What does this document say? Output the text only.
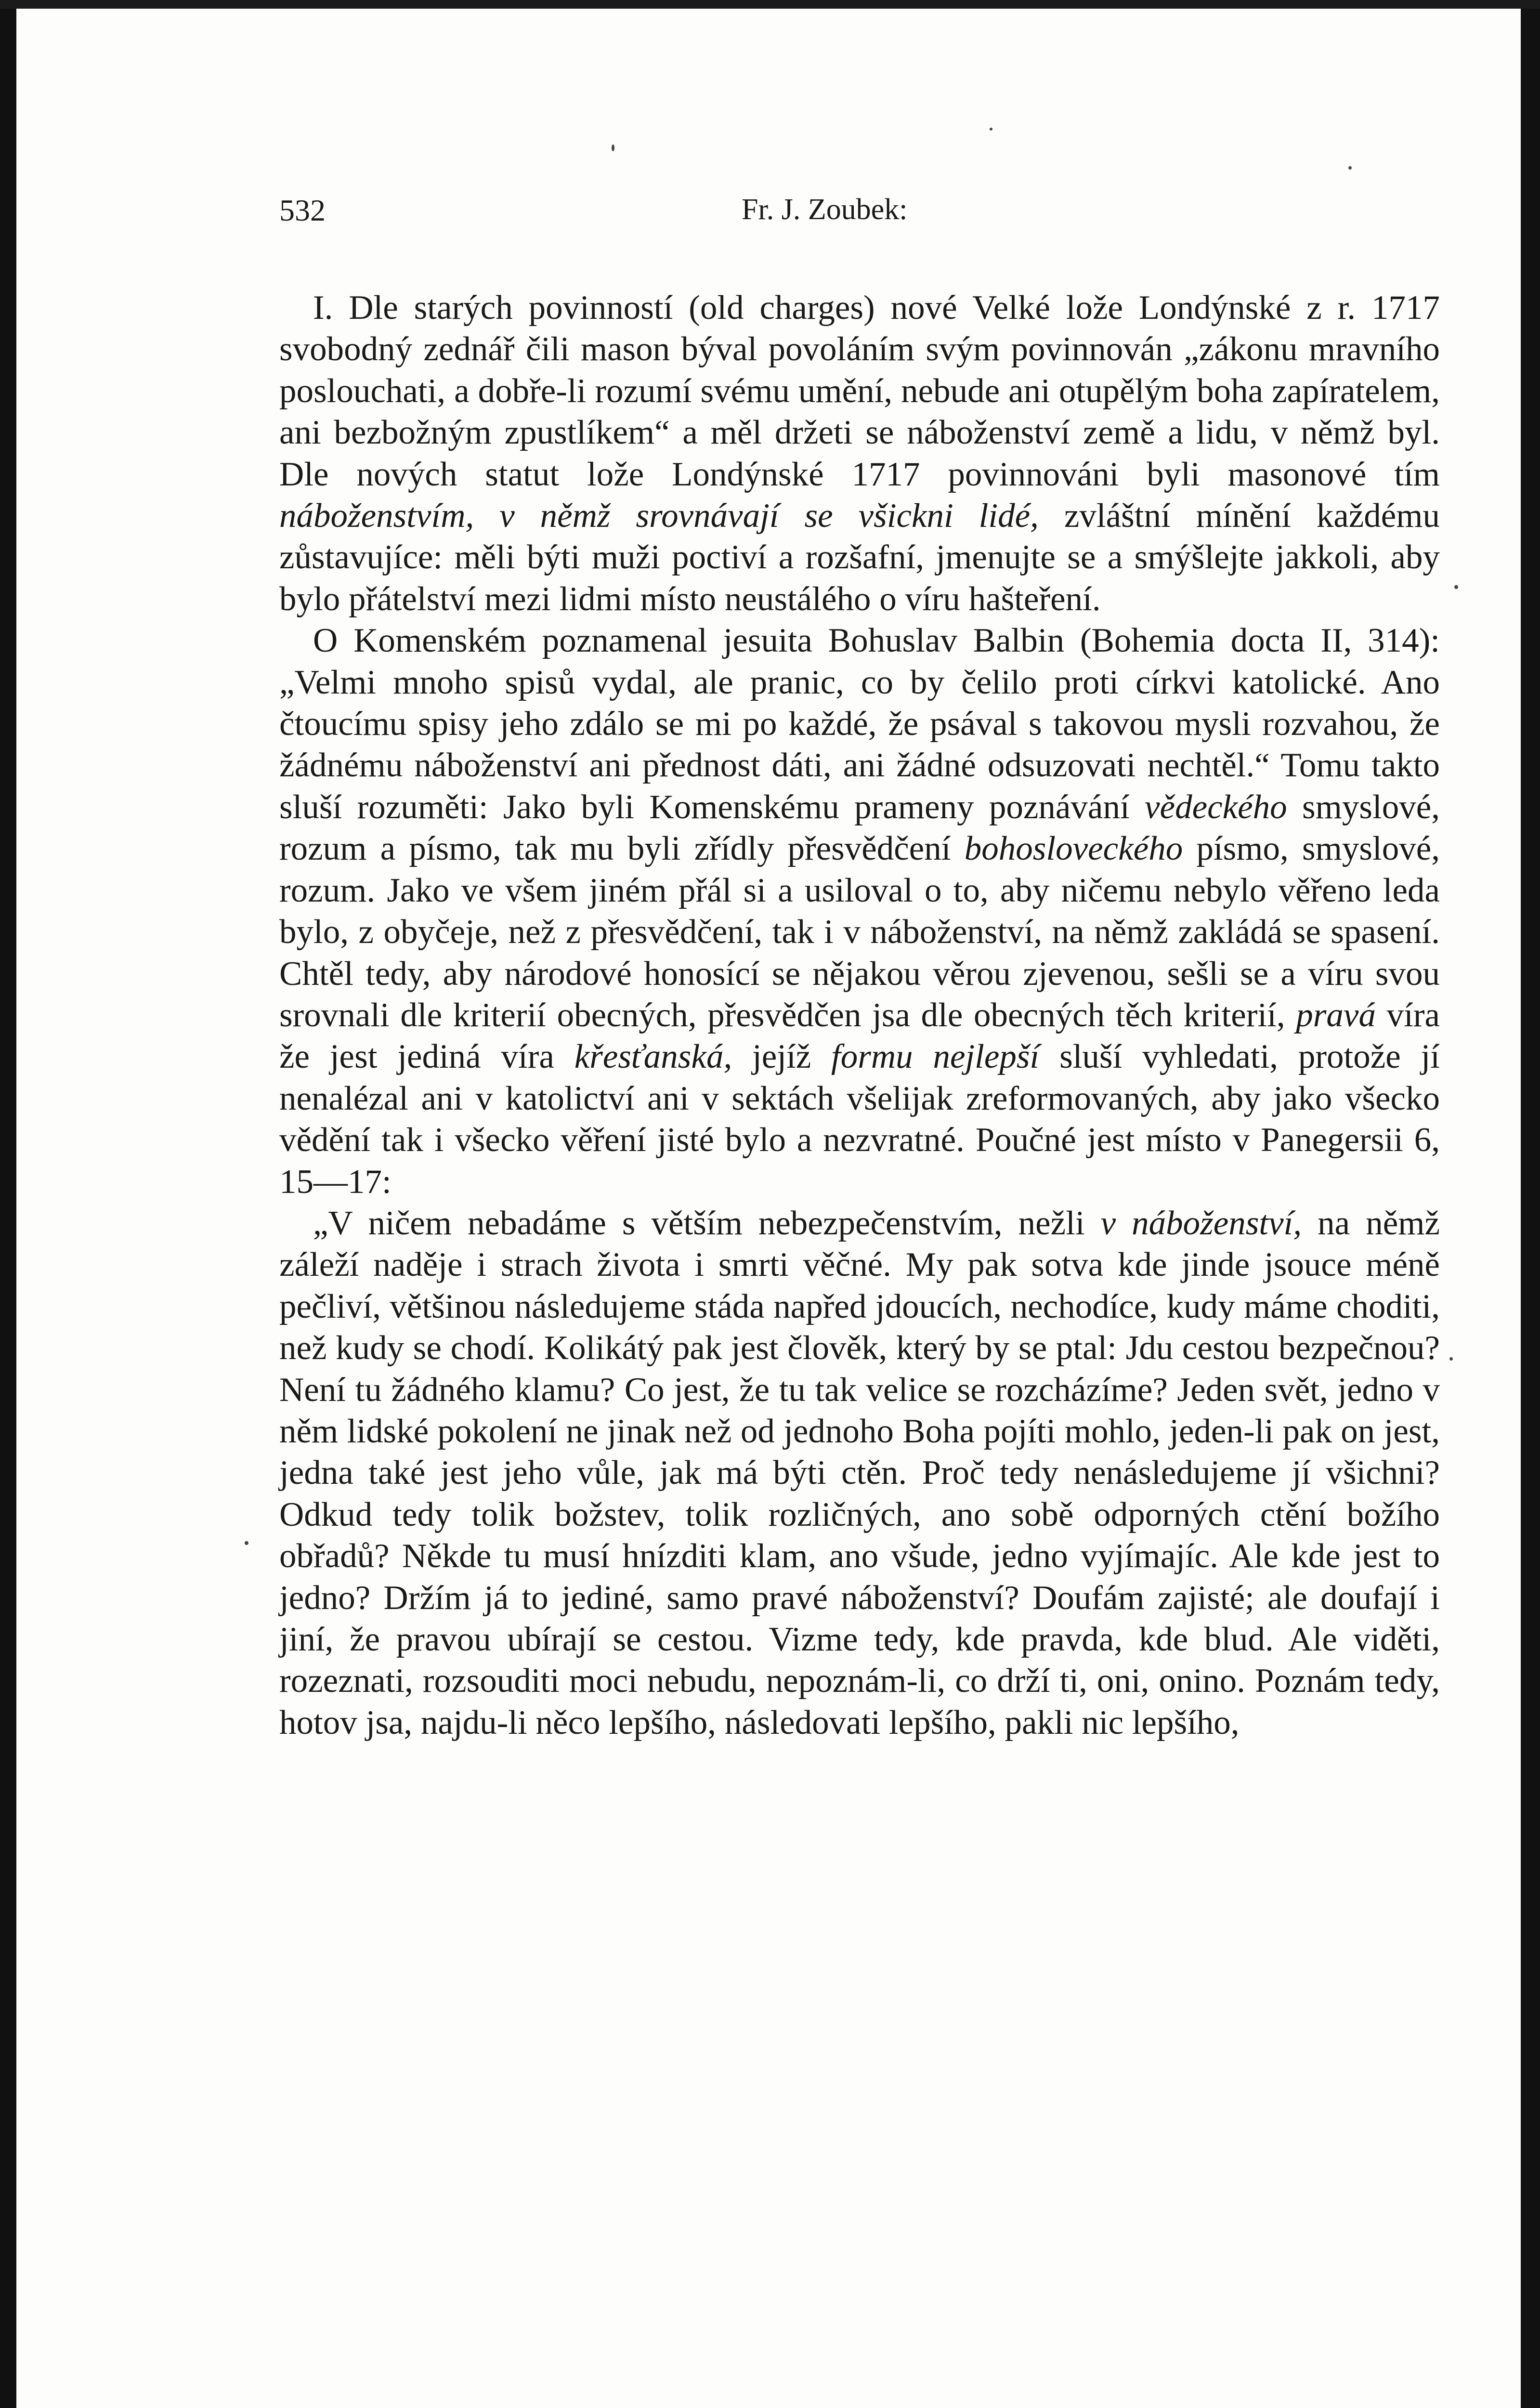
532	Fr. J. Zoubek:

I. Dle starých povinností (old charges) nové Velké lože Londýnské z r. 1717 svobodný zednář čili mason býval povoláním svým povinnován „zákonu mravního poslouchati, a dobře-li rozumí svému umění, nebude ani otupělým boha zapíratelem, ani bezbožným zpustlíkem“ a měl držeti se náboženství země a lidu, v němž byl. Dle nových statut lože Londýnské 1717 povinnováni byli masonové tím náboženstvím, v němž srovnávají se všickni lidé, zvláštní mínění každému zůstavujíce: měli býti muži poctiví a rozšafní, jmenujte se a smýšlejte jakkoli, aby bylo přátelství mezi lidmi místo neustálého o víru hašteření.

O Komenském poznamenal jesuita Bohuslav Balbin (Bohemia docta II, 314): „Velmi mnoho spisů vydal, ale pranic, co by čelilo proti církvi katolické. Ano čtoucímu spisy jeho zdálo se mi po každé, že psával s takovou mysli rozvahou, že žádnému náboženství ani přednost dáti, ani žádné odsuzovati nechtěl.“ Tomu takto sluší rozuměti: Jako byli Komenskému prameny poznávání vědeckého smyslové, rozum a písmo, tak mu byli zřídly přesvědčení bohosloveckého písmo, smyslové, rozum. Jako ve všem jiném přál si a usiloval o to, aby ničemu nebylo věřeno leda bylo, z obyčeje, než z přesvědčení, tak i v náboženství, na němž zakládá se spasení. Chtěl tedy, aby národové honosící se nějakou věrou zjevenou, sešli se a víru svou srovnali dle kriterií obecných, přesvědčen jsa dle obecných těch kriterií, pravá víra že jest jediná víra křesťanská, jejíž formu nejlepší sluší vyhledati, protože jí nenalézal ani v katolictví ani v sektách všelijak zreformovaných, aby jako všecko vědění tak i všecko věření jisté bylo a nezvratné. Poučné jest místo v Panegersii 6, 15—17:

„V ničem nebadáme s větším nebezpečenstvím, nežli v náboženství, na němž záleží naděje i strach života i smrti věčné. My pak sotva kde jinde jsouce méně pečliví, většinou následujeme stáda napřed jdoucích, nechodíce, kudy máme choditi, než kudy se chodí. Kolikátý pak jest člověk, který by se ptal: Jdu cestou bezpečnou? Není tu žádného klamu? Co jest, že tu tak velice se rozcházíme? Jeden svět, jedno v něm lidské pokolení ne jinak než od jednoho Boha pojíti mohlo, jeden-li pak on jest, jedna také jest jeho vůle, jak má býti ctěn. Proč tedy nenásledujeme jí všichni? Odkud tedy tolik božstev, tolik rozličných, ano sobě odporných ctění božího obřadů? Někde tu musí hnízditi klam, ano všude, jedno vyjímajíc. Ale kde jest to jedno? Držím já to jediné, samo pravé náboženství? Doufám zajisté; ale doufají i jiní, že pravou ubírají se cestou. Vizme tedy, kde pravda, kde blud. Ale viděti, rozeznati, rozsouditi moci nebudu, nepoznám-li, co drží ti, oni, onino. Poznám tedy, hotov jsa, najdu-li něco lepšího, následovati lepšího, pakli nic lepšího,
